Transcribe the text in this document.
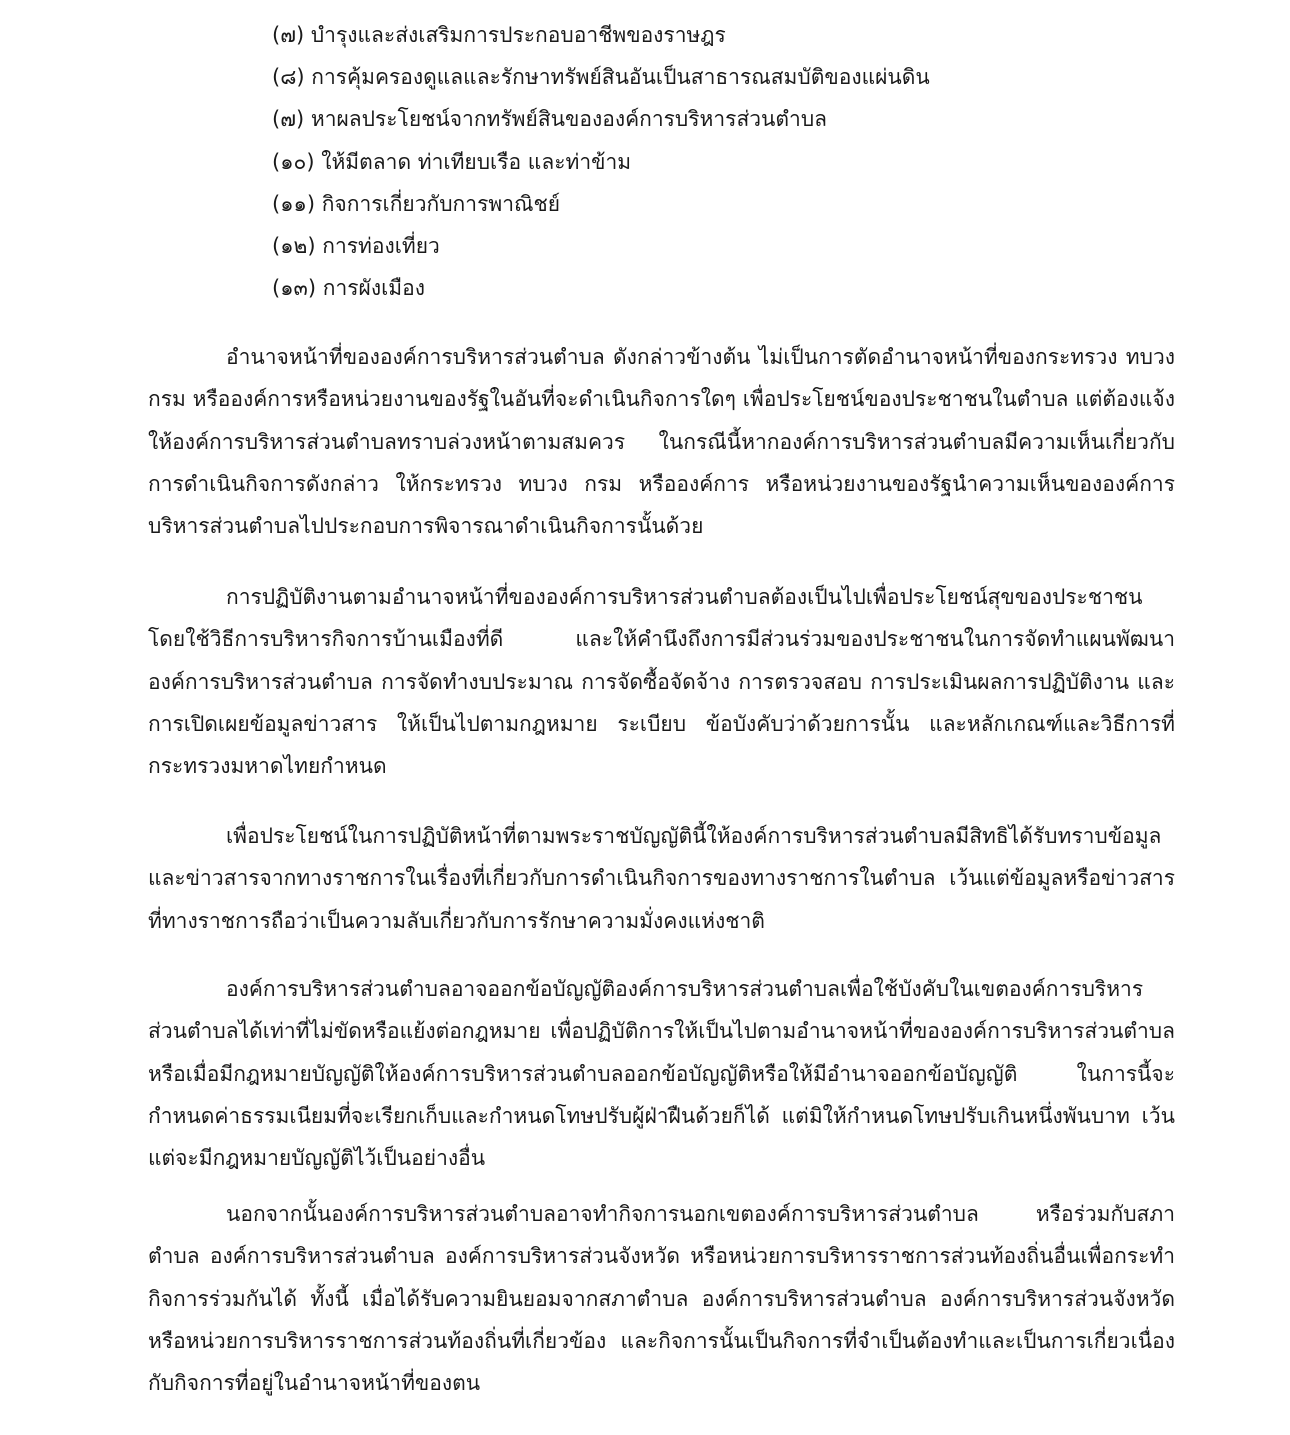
(๗) บำรุงและส่งเสริมการประกอบอาชีพของราษฎร
(๘) การคุ้มครองดูแลและรักษาทรัพย์สินอันเป็นสาธารณสมบัติของแผ่นดิน
(๗) หาผลประโยชน์จากทรัพย์สินขององค์การบริหารส่วนตำบล
(๑๐) ให้มีตลาด ท่าเทียบเรือ และท่าข้าม
(๑๑) กิจการเกี่ยวกับการพาณิชย์
(๑๒) การท่องเที่ยว
(๑๓) การผังเมือง

อำนาจหน้าที่ขององค์การบริหารส่วนตำบล ดังกล่าวข้างต้น ไม่เป็นการตัดอำนาจหน้าที่ของกระทรวง ทบวง กรม หรือองค์การหรือหน่วยงานของรัฐในอันที่จะดำเนินกิจการใดๆ เพื่อประโยชน์ของประชาชนในตำบล แต่ต้องแจ้งให้องค์การบริหารส่วนตำบลทราบล่วงหน้าตามสมควร ในกรณีนี้หากองค์การบริหารส่วนตำบลมีความเห็นเกี่ยวกับการดำเนินกิจการดังกล่าว ให้กระทรวง ทบวง กรม หรือองค์การ หรือหน่วยงานของรัฐนำความเห็นขององค์การบริหารส่วนตำบลไปประกอบการพิจารณาดำเนินกิจการนั้นด้วย

การปฏิบัติงานตามอำนาจหน้าที่ขององค์การบริหารส่วนตำบลต้องเป็นไปเพื่อประโยชน์สุขของประชาชน โดยใช้วิธีการบริหารกิจการบ้านเมืองที่ดี และให้คำนึงถึงการมีส่วนร่วมของประชาชนในการจัดทำแผนพัฒนาองค์การบริหารส่วนตำบล การจัดทำงบประมาณ การจัดซื้อจัดจ้าง การตรวจสอบ การประเมินผลการปฏิบัติงาน และการเปิดเผยข้อมูลข่าวสาร ให้เป็นไปตามกฎหมาย ระเบียบ ข้อบังคับว่าด้วยการนั้น และหลักเกณฑ์และวิธีการที่กระทรวงมหาดไทยกำหนด

เพื่อประโยชน์ในการปฏิบัติหน้าที่ตามพระราชบัญญัตินี้ให้องค์การบริหารส่วนตำบลมีสิทธิได้รับทราบข้อมูลและข่าวสารจากทางราชการในเรื่องที่เกี่ยวกับการดำเนินกิจการของทางราชการในตำบล เว้นแต่ข้อมูลหรือข่าวสารที่ทางราชการถือว่าเป็นความลับเกี่ยวกับการรักษาความมั่งคงแห่งชาติ

องค์การบริหารส่วนตำบลอาจออกข้อบัญญัติองค์การบริหารส่วนตำบลเพื่อใช้บังคับในเขตองค์การบริหารส่วนตำบลได้เท่าที่ไม่ขัดหรือแย้งต่อกฎหมาย เพื่อปฏิบัติการให้เป็นไปตามอำนาจหน้าที่ขององค์การบริหารส่วนตำบล หรือเมื่อมีกฎหมายบัญญัติให้องค์การบริหารส่วนตำบลออกข้อบัญญัติหรือให้มีอำนาจออกข้อบัญญัติ ในการนี้จะกำหนดค่าธรรมเนียมที่จะเรียกเก็บและกำหนดโทษปรับผู้ฝ่าฝืนด้วยก็ได้ แต่มิให้กำหนดโทษปรับเกินหนึ่งพันบาท เว้นแต่จะมีกฎหมายบัญญัติไว้เป็นอย่างอื่น

นอกจากนั้นองค์การบริหารส่วนตำบลอาจทำกิจการนอกเขตองค์การบริหารส่วนตำบล หรือร่วมกับสภาตำบล องค์การบริหารส่วนตำบล องค์การบริหารส่วนจังหวัด หรือหน่วยการบริหารราชการส่วนท้องถิ่นอื่นเพื่อกระทำกิจการร่วมกันได้ ทั้งนี้ เมื่อได้รับความยินยอมจากสภาตำบล องค์การบริหารส่วนตำบล องค์การบริหารส่วนจังหวัด หรือหน่วยการบริหารราชการส่วนท้องถิ่นที่เกี่ยวข้อง และกิจการนั้นเป็นกิจการที่จำเป็นต้องทำและเป็นการเกี่ยวเนื่องกับกิจการที่อยู่ในอำนาจหน้าที่ของตน
